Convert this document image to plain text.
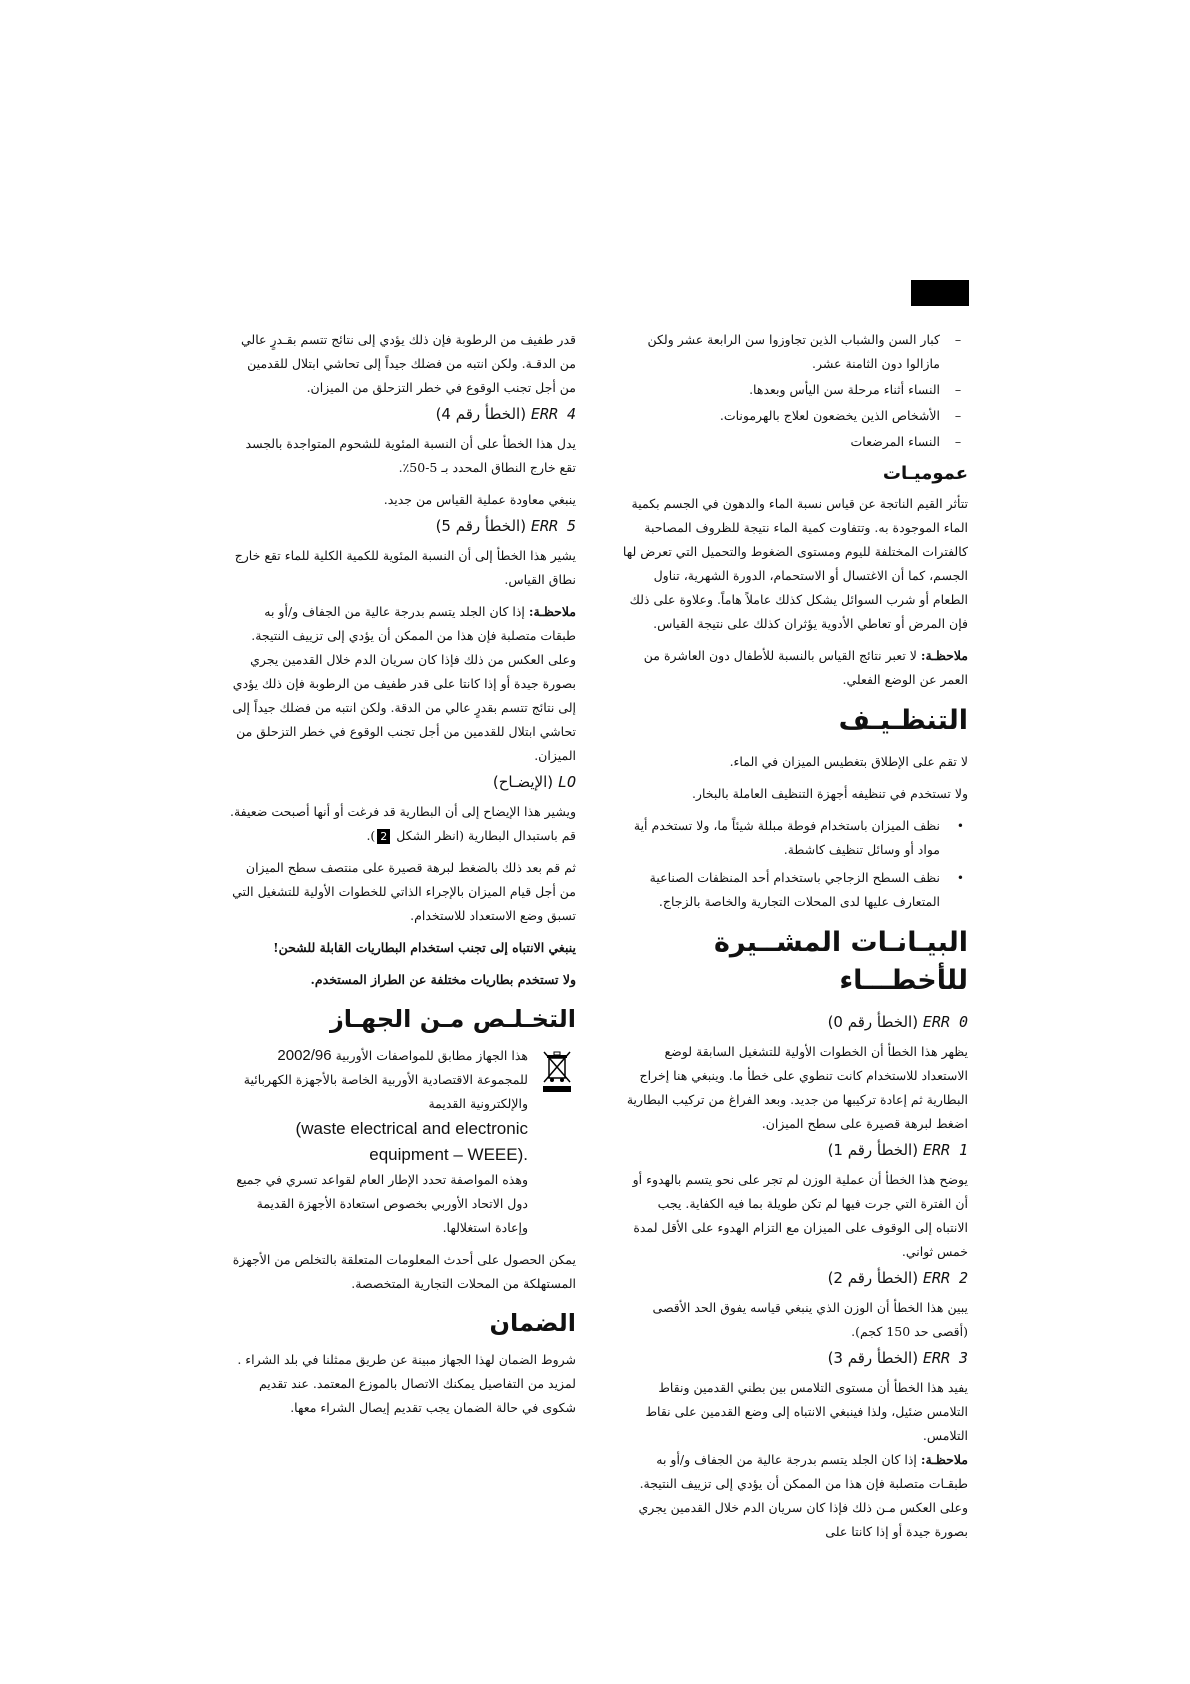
–
كبار السن والشباب الذين تجاوزوا سن الرابعة عشر ولكن مازالوا دون الثامنة عشر.
–
النساء أثناء مرحلة سن اليأس وبعدها.
–
الأشخاص الذين يخضعون لعلاج بالهرمونات.
–
النساء المرضعات
عموميـات

تتأثر القيم الناتجة عن قياس نسبة الماء والدهون في الجسم بكمية الماء الموجودة به. وتتفاوت كمية الماء نتيجة للظروف المصاحبة كالفترات المختلفة لليوم ومستوى الضغوط والتحميل التي تعرض لها الجسم، كما أن الاغتسال أو الاستحمام، الدورة الشهرية، تناول الطعام أو شرب السوائل يشكل كذلك عاملاً هاماً. وعلاوة على ذلك فإن المرض أو تعاطي الأدوية يؤثران كذلك على نتيجة القياس.

ملاحظـة: لا تعبر نتائج القياس بالنسبة للأطفال دون العاشرة من العمر عن الوضع الفعلي.

التنظـيـف

لا تقم على الإطلاق بتغطيس الميزان في الماء.

ولا تستخدم في تنظيفه أجهزة التنظيف العاملة بالبخار.

•
نظف الميزان باستخدام فوطة مبللة شيئاً ما، ولا تستخدم أية مواد أو وسائل تنظيف كاشطة.
•
نظف السطح الزجاجي باستخدام أحد المنظفات الصناعية المتعارف عليها لدى المحلات التجارية والخاصة بالزجاج.
البيـانـات المشــيرة للأخطـــاء
ERR 0 (الخطأ رقم 0)

يظهر هذا الخطأ أن الخطوات الأولية للتشغيل السابقة لوضع الاستعداد للاستخدام كانت تنطوي على خطأ ما. وينبغي هنا إخراج البطارية ثم إعادة تركيبها من جديد. وبعد الفراغ من تركيب البطارية اضغط لبرهة قصيرة على سطح الميزان.

ERR 1 (الخطأ رقم 1)

يوضح هذا الخطأ أن عملية الوزن لم تجر على نحو يتسم بالهدوء أو أن الفترة التي جرت فيها لم تكن طويلة بما فيه الكفاية. يجب الانتباه إلى الوقوف على الميزان مع التزام الهدوء على الأقل لمدة خمس ثواني.

ERR 2 (الخطأ رقم 2)

يبين هذا الخطأ أن الوزن الذي ينبغي قياسه يفوق الحد الأقصى

(أقصى حد 150 كجم).

ERR 3 (الخطأ رقم 3)

يفيد هذا الخطأ أن مستوى التلامس بين بطني القدمين ونقاط التلامس ضئيل، ولذا فينبغي الانتباه إلى وضع القدمين على نقاط التلامس.

ملاحظـة: إذا كان الجلد يتسم بدرجة عالية من الجفاف و/أو به طبقـات متصلبة فإن هذا من الممكن أن يؤدي إلى تزييف النتيجة. وعلى العكس مـن ذلك فإذا كان سريان الدم خلال القدمين يجري بصورة جيدة أو إذا كانتا على

قدر طفيف من الرطوبة فإن ذلك يؤدي إلى نتائج تتسم بقـدرٍ عالي من الدقـة. ولكن انتبه من فضلك جيداً إلى تحاشي ابتلال للقدمين من أجل تجنب الوقوع في خطر التزحلق من الميزان.

ERR 4 (الخطأ رقم 4)

يدل هذا الخطأ على أن النسبة المئوية للشحوم المتواجدة بالجسد تقع خارج النطاق المحدد بـ 5-50٪.

ينبغي معاودة عملية القياس من جديد.

ERR 5 (الخطأ رقم 5)

يشير هذا الخطأ إلى أن النسبة المئوية للكمية الكلية للماء تقع خارج نطاق القياس.

ملاحظـة: إذا كان الجلد يتسم بدرجة عالية من الجفاف و/أو به طبقات متصلبة فإن هذا من الممكن أن يؤدي إلى تزييف النتيجة. وعلى العكس من ذلك فإذا كان سريان الدم خلال القدمين يجري بصورة جيدة أو إذا كانتا على قدر طفيف من الرطوبة فإن ذلك يؤدي إلى نتائج تتسم بقدرٍ عالي من الدقة. ولكن انتبه من فضلك جيداً إلى تحاشي ابتلال للقدمين من أجل تجنب الوقوع في خطر التزحلق من الميزان.

LO (الإيضـاح)

ويشير هذا الإيضاح إلى أن البطارية قد فرغت أو أنها أصبحت ضعيفة. قم باستبدال البطارية (انظر الشكل 2).

ثم قم بعد ذلك بالضغط لبرهة قصيرة على منتصف سطح الميزان من أجل قيام الميزان بالإجراء الذاتي للخطوات الأولية للتشغيل التي تسبق وضع الاستعداد للاستخدام.

ينبغي الانتباه إلى تجنب استخدام البطاريات القابلة للشحن!

ولا تستخدم بطاريات مختلفة عن الطراز المستخدم.

التخـلـص مـن الجهـاز

هذا الجهاز مطابق للمواصفات الأوربية 2002/96

للمجموعة الاقتصادية الأوربية الخاصة بالأجهزة الكهربائية والإلكترونية القديمة

waste electrical and electronic)
.(equipment – WEEE

وهذه المواصفة تحدد الإطار العام لقواعد تسري في جميع دول الاتحاد الأوربي بخصوص استعادة الأجهزة القديمة وإعادة استغلالها.

يمكن الحصول على أحدث المعلومات المتعلقة بالتخلص من الأجهزة المستهلكة من المحلات التجارية المتخصصة.

الضمان

شروط الضمان لهذا الجهاز مبينة عن طريق ممثلنا في بلد الشراء . لمزيد من التفاصيل يمكنك الاتصال بالموزع المعتمد. عند تقديم شكوى في حالة الضمان يجب تقديم إيصال الشراء معها.
